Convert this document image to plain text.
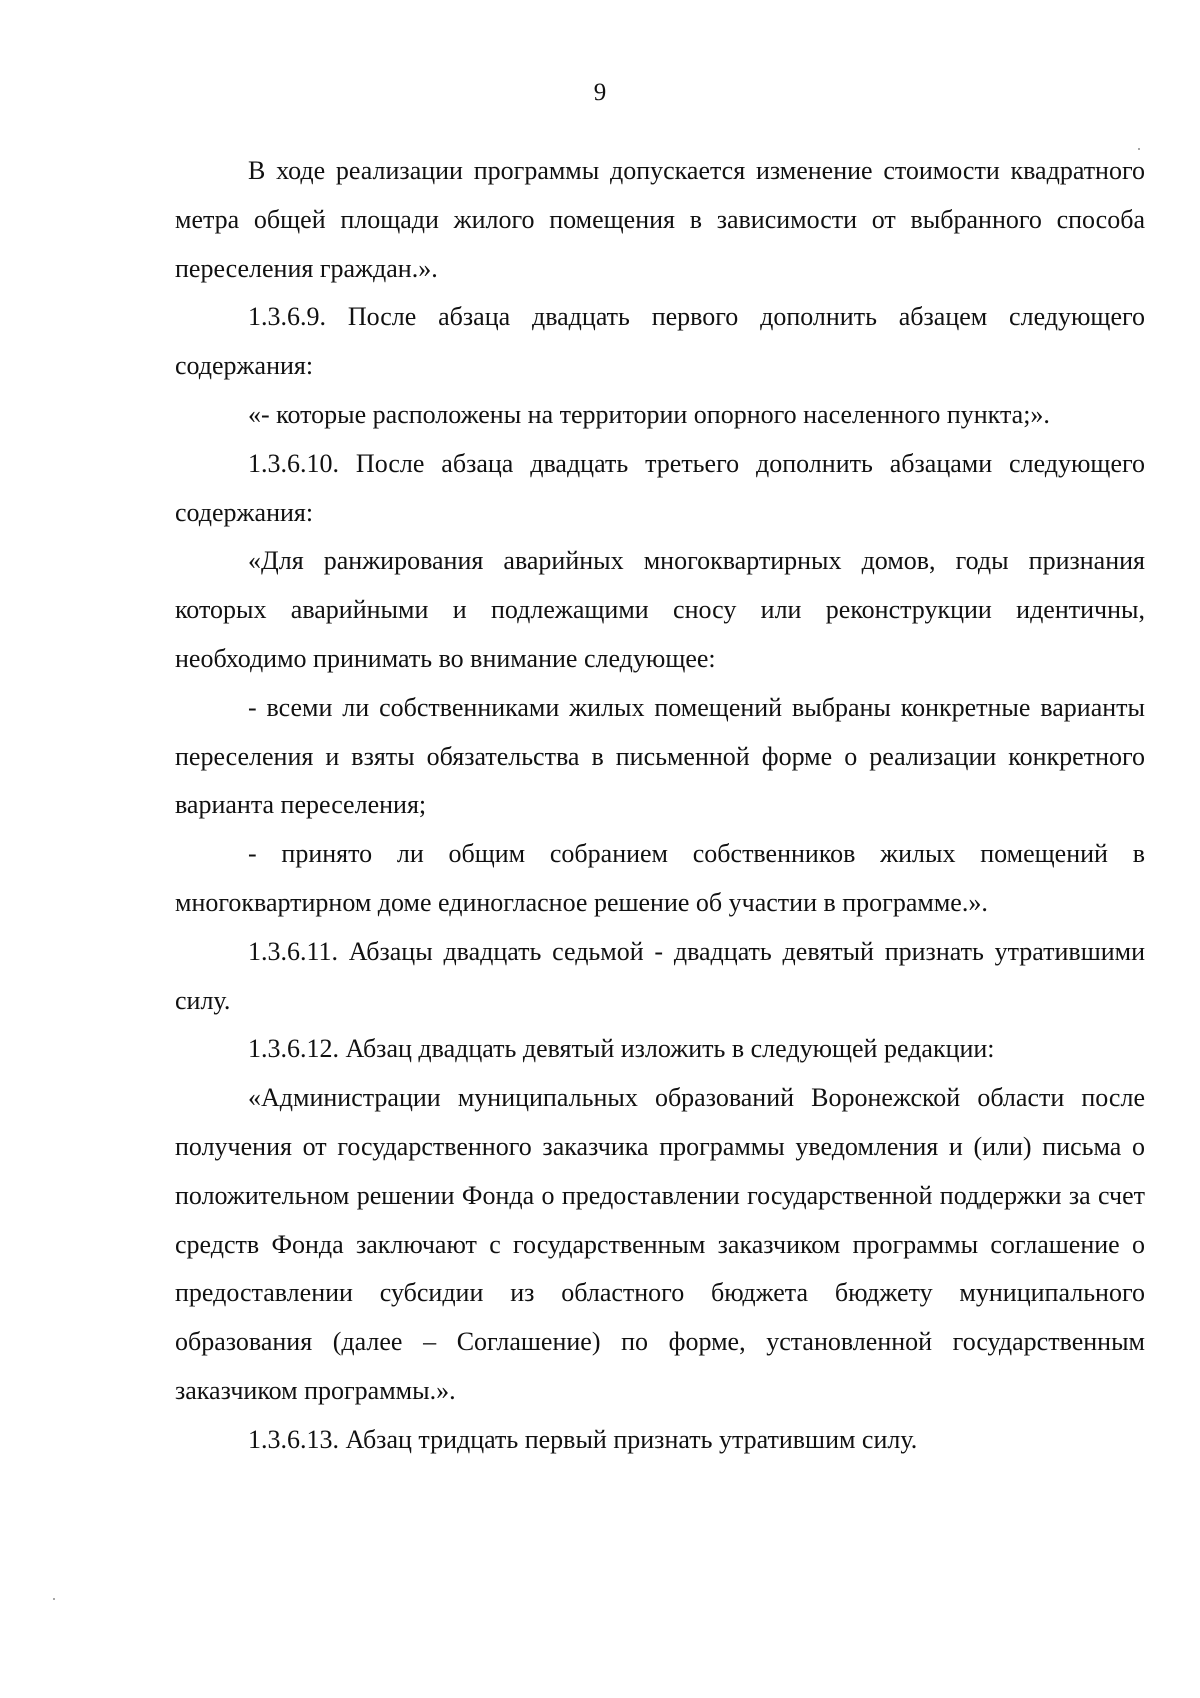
9

В ходе реализации программы допускается изменение стоимости квадратного метра общей площади жилого помещения в зависимости от выбранного способа переселения граждан.».

1.3.6.9. После абзаца двадцать первого дополнить абзацем следующего содержания:

«- которые расположены на территории опорного населенного пункта;».

1.3.6.10. После абзаца двадцать третьего дополнить абзацами следующего содержания:

«Для ранжирования аварийных многоквартирных домов, годы признания которых аварийными и подлежащими сносу или реконструкции идентичны, необходимо принимать во внимание следующее:

- всеми ли собственниками жилых помещений выбраны конкретные варианты переселения и взяты обязательства в письменной форме о реализации конкретного варианта переселения;

- принято ли общим собранием собственников жилых помещений в многоквартирном доме единогласное решение об участии в программе.».

1.3.6.11. Абзацы двадцать седьмой - двадцать девятый признать утратившими силу.

1.3.6.12. Абзац двадцать девятый изложить в следующей редакции:

«Администрации муниципальных образований Воронежской области после получения от государственного заказчика программы уведомления и (или) письма о положительном решении Фонда о предоставлении государственной поддержки за счет средств Фонда заключают с государственным заказчиком программы соглашение о предоставлении субсидии из областного бюджета бюджету муниципального образования (далее – Соглашение) по форме, установленной государственным заказчиком программы.».

1.3.6.13. Абзац тридцать первый признать утратившим силу.
